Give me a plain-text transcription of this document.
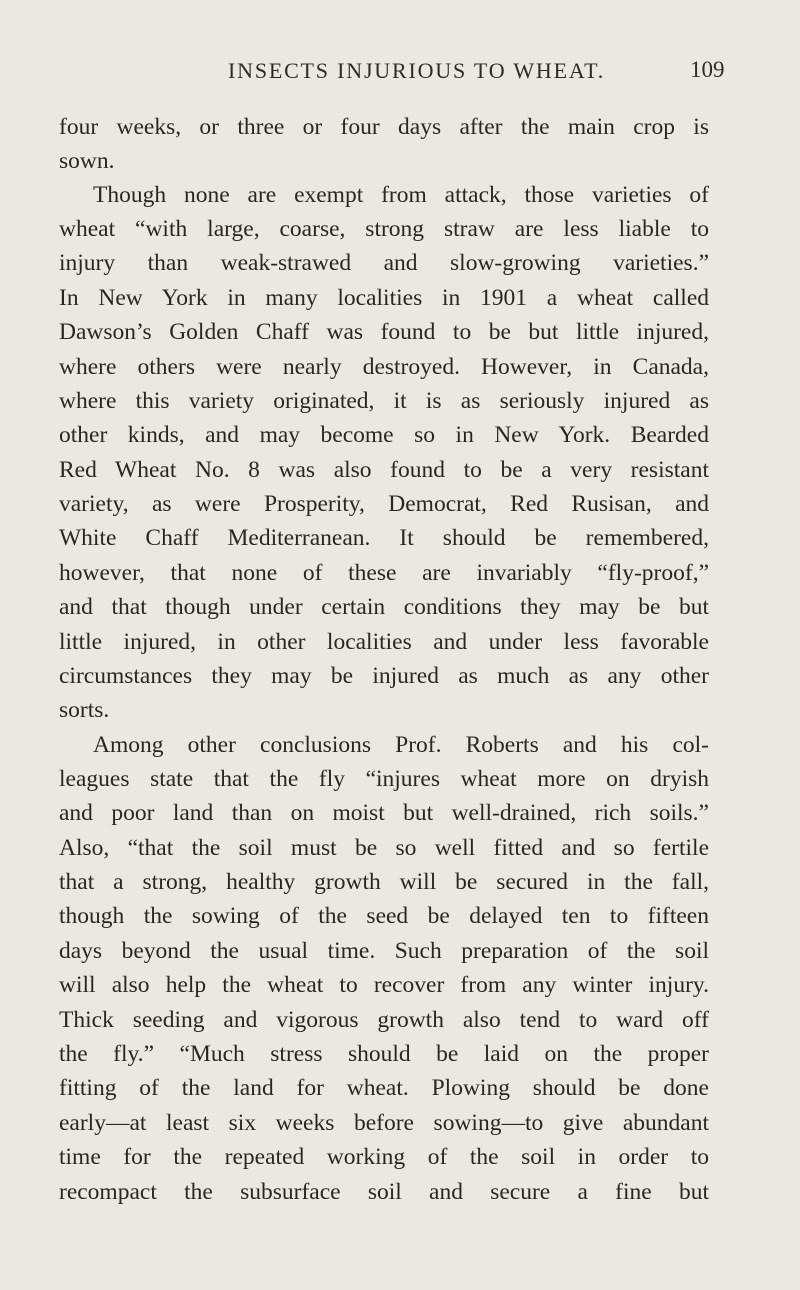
INSECTS INJURIOUS TO WHEAT.	109
four weeks, or three or four days after the main crop is
sown.
Though none are exempt from attack, those varieties of
wheat “with large, coarse, strong straw are less liable to
injury than weak-strawed and slow-growing varieties.”
In New York in many localities in 1901 a wheat called
Dawson’s Golden Chaff was found to be but little injured,
where others were nearly destroyed. However, in Canada,
where this variety originated, it is as seriously injured as
other kinds, and may become so in New York. Bearded
Red Wheat No. 8 was also found to be a very resistant
variety, as were Prosperity, Democrat, Red Rusisan, and
White Chaff Mediterranean. It should be remembered,
however, that none of these are invariably “fly-proof,”
and that though under certain conditions they may be but
little injured, in other localities and under less favorable
circumstances they may be injured as much as any other
sorts.
Among other conclusions Prof. Roberts and his col-
leagues state that the fly “injures wheat more on dryish
and poor land than on moist but well-drained, rich soils.”
Also, “that the soil must be so well fitted and so fertile
that a strong, healthy growth will be secured in the fall,
though the sowing of the seed be delayed ten to fifteen
days beyond the usual time. Such preparation of the soil
will also help the wheat to recover from any winter injury.
Thick seeding and vigorous growth also tend to ward off
the fly.” “Much stress should be laid on the proper
fitting of the land for wheat. Plowing should be done
early—at least six weeks before sowing—to give abundant
time for the repeated working of the soil in order to
recompact the subsurface soil and secure a fine but
